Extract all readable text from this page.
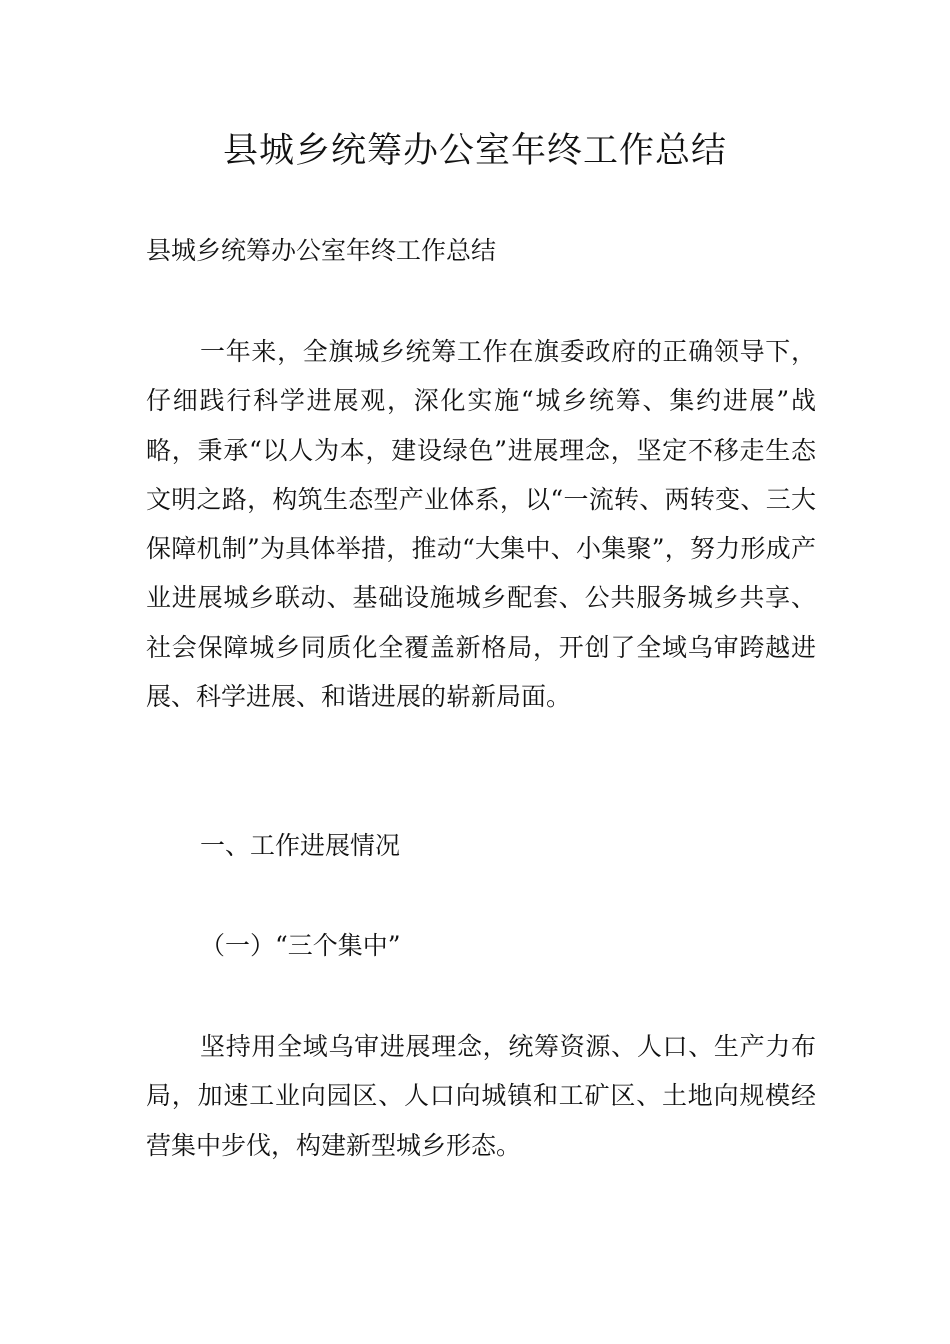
县城乡统筹办公室年终工作总结

县城乡统筹办公室年终工作总结

一年来，全旗城乡统筹工作在旗委政府的正确领导下，仔细践行科学进展观，深化实施“城乡统筹、集约进展”战略，秉承“以人为本，建设绿色”进展理念，坚定不移走生态文明之路，构筑生态型产业体系，以“一流转、两转变、三大保障机制”为具体举措，推动“大集中、小集聚”，努力形成产业进展城乡联动、基础设施城乡配套、公共服务城乡共享、社会保障城乡同质化全覆盖新格局，开创了全域乌审跨越进展、科学进展、和谐进展的崭新局面。

一、工作进展情况

（一）“三个集中”

坚持用全域乌审进展理念，统筹资源、人口、生产力布局，加速工业向园区、人口向城镇和工矿区、土地向规模经营集中步伐，构建新型城乡形态。
